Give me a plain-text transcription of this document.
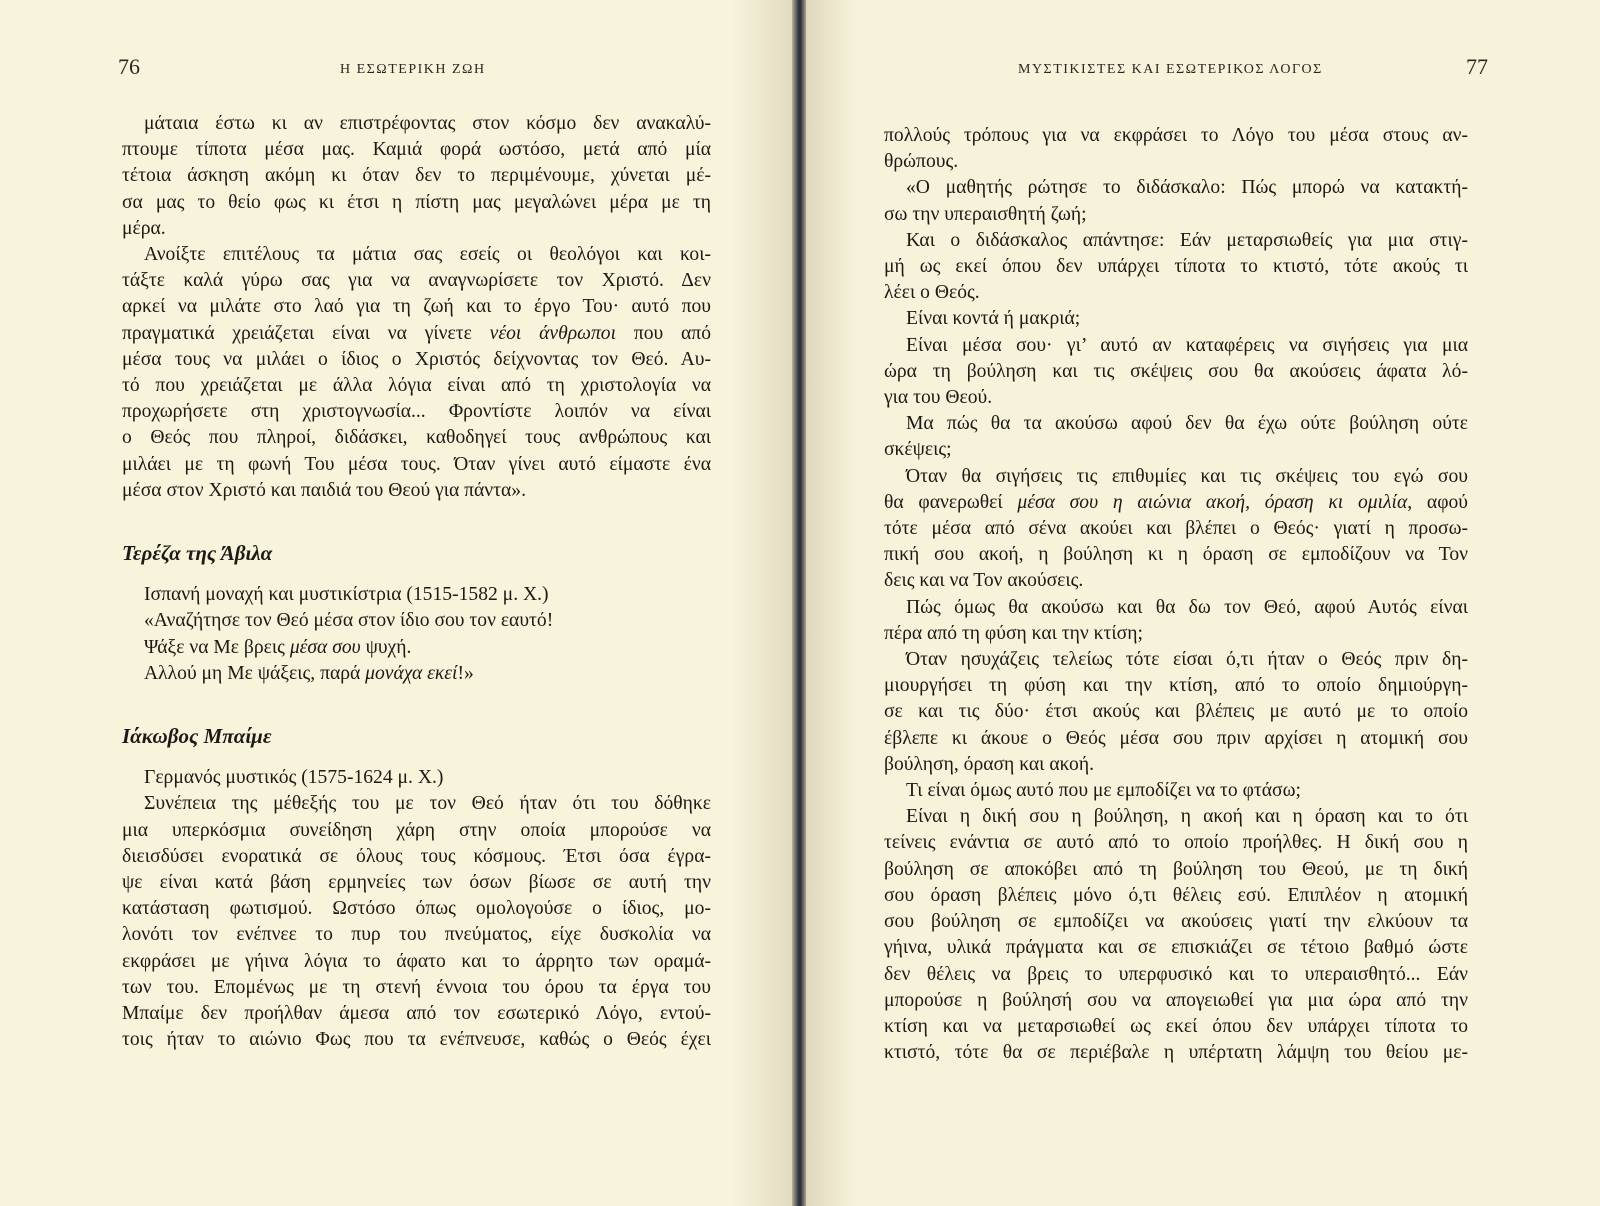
76	Η ΕΣΩΤΕΡΙΚΗ ΖΩΗ

μάταια έστω κι αν επιστρέφοντας στον κόσμο δεν ανακαλύ-
πτουμε τίποτα μέσα μας. Καμιά φορά ωστόσο, μετά από μία
τέτοια άσκηση ακόμη κι όταν δεν το περιμένουμε, χύνεται μέ-
σα μας το θείο φως κι έτσι η πίστη μας μεγαλώνει μέρα με τη
μέρα.

Ανοίξτε επιτέλους τα μάτια σας εσείς οι θεολόγοι και κοι-
τάξτε καλά γύρω σας για να αναγνωρίσετε τον Χριστό. Δεν
αρκεί να μιλάτε στο λαό για τη ζωή και το έργο Του· αυτό που
πραγματικά χρειάζεται είναι να γίνετε νέοι άνθρωποι που από

μέσα τους να μιλάει ο ίδιος ο Χριστός δείχνοντας τον Θεό. Αυ-
τό που χρειάζεται με άλλα λόγια είναι από τη χριστολογία να
προχωρήσετε στη χριστογνωσία... Φροντίστε λοιπόν να είναι
ο Θεός που πληροί, διδάσκει, καθοδηγεί τους ανθρώπους και
μιλάει με τη φωνή Του μέσα τους. Όταν γίνει αυτό είμαστε ένα
μέσα στον Χριστό και παιδιά του Θεού για πάντα».

Τερέζα της Άβιλα

Ισπανή μοναχή και μυστικίστρια (1515-1582 μ. Χ.)
«Αναζήτησε τον Θεό μέσα στον ίδιο σου τον εαυτό!
Ψάξε να Με βρεις μέσα σου ψυχή.
Αλλού μη Με ψάξεις, παρά μονάχα εκεί!»

Ιάκωβος Μπαίμε

Γερμανός μυστικός (1575-1624 μ. Χ.)

Συνέπεια της μέθεξής του με τον Θεό ήταν ότι του δόθηκε
μια υπερκόσμια συνείδηση χάρη στην οποία μπορούσε να
διεισδύσει ενορατικά σε όλους τους κόσμους. Έτσι όσα έγρα-
ψε είναι κατά βάση ερμηνείες των όσων βίωσε σε αυτή την
κατάσταση φωτισμού. Ωστόσο όπως ομολογούσε ο ίδιος, μο-
λονότι τον ενέπνεε το πυρ του πνεύματος, είχε δυσκολία να
εκφράσει με γήινα λόγια το άφατο και το άρρητο των οραμά-
των του. Επομένως με τη στενή έννοια του όρου τα έργα του
Μπαίμε δεν προήλθαν άμεσα από τον εσωτερικό Λόγο, εντού-
τοις ήταν το αιώνιο Φως που τα ενέπνευσε, καθώς ο Θεός έχει

ΜΥΣΤΙΚΙΣΤΕΣ ΚΑΙ ΕΣΩΤΕΡΙΚΟΣ ΛΟΓΟΣ	77

πολλούς τρόπους για να εκφράσει το Λόγο του μέσα στους αν-
θρώπους.

«Ο μαθητής ρώτησε το διδάσκαλο: Πώς μπορώ να κατακτή-
σω την υπεραισθητή ζωή;

Και ο διδάσκαλος απάντησε: Εάν μεταρσιωθείς για μια στιγ-
μή ως εκεί όπου δεν υπάρχει τίποτα το κτιστό, τότε ακούς τι
λέει ο Θεός.

Είναι κοντά ή μακριά;

Είναι μέσα σου· γι’ αυτό αν καταφέρεις να σιγήσεις για μια
ώρα τη βούληση και τις σκέψεις σου θα ακούσεις άφατα λό-
για του Θεού.

Μα πώς θα τα ακούσω αφού δεν θα έχω ούτε βούληση ούτε
σκέψεις;

Όταν θα σιγήσεις τις επιθυμίες και τις σκέψεις του εγώ σου
θα φανερωθεί μέσα σου η αιώνια ακοή, όραση κι ομιλία, αφού

τότε μέσα από σένα ακούει και βλέπει ο Θεός· γιατί η προσω-
πική σου ακοή, η βούληση κι η όραση σε εμποδίζουν να Τον
δεις και να Τον ακούσεις.

Πώς όμως θα ακούσω και θα δω τον Θεό, αφού Αυτός είναι
πέρα από τη φύση και την κτίση;

Όταν ησυχάζεις τελείως τότε είσαι ό,τι ήταν ο Θεός πριν δη-
μιουργήσει τη φύση και την κτίση, από το οποίο δημιούργη-
σε και τις δύο· έτσι ακούς και βλέπεις με αυτό με το οποίο
έβλεπε κι άκουε ο Θεός μέσα σου πριν αρχίσει η ατομική σου
βούληση, όραση και ακοή.

Τι είναι όμως αυτό που με εμποδίζει να το φτάσω;

Είναι η δική σου η βούληση, η ακοή και η όραση και το ότι
τείνεις ενάντια σε αυτό από το οποίο προήλθες. Η δική σου η
βούληση σε αποκόβει από τη βούληση του Θεού, με τη δική
σου όραση βλέπεις μόνο ό,τι θέλεις εσύ. Επιπλέον η ατομική
σου βούληση σε εμποδίζει να ακούσεις γιατί την ελκύουν τα
γήινα, υλικά πράγματα και σε επισκιάζει σε τέτοιο βαθμό ώστε
δεν θέλεις να βρεις το υπερφυσικό και το υπεραισθητό... Εάν
μπορούσε η βούλησή σου να απογειωθεί για μια ώρα από την
κτίση και να μεταρσιωθεί ως εκεί όπου δεν υπάρχει τίποτα το
κτιστό, τότε θα σε περιέβαλε η υπέρτατη λάμψη του θείου με-
